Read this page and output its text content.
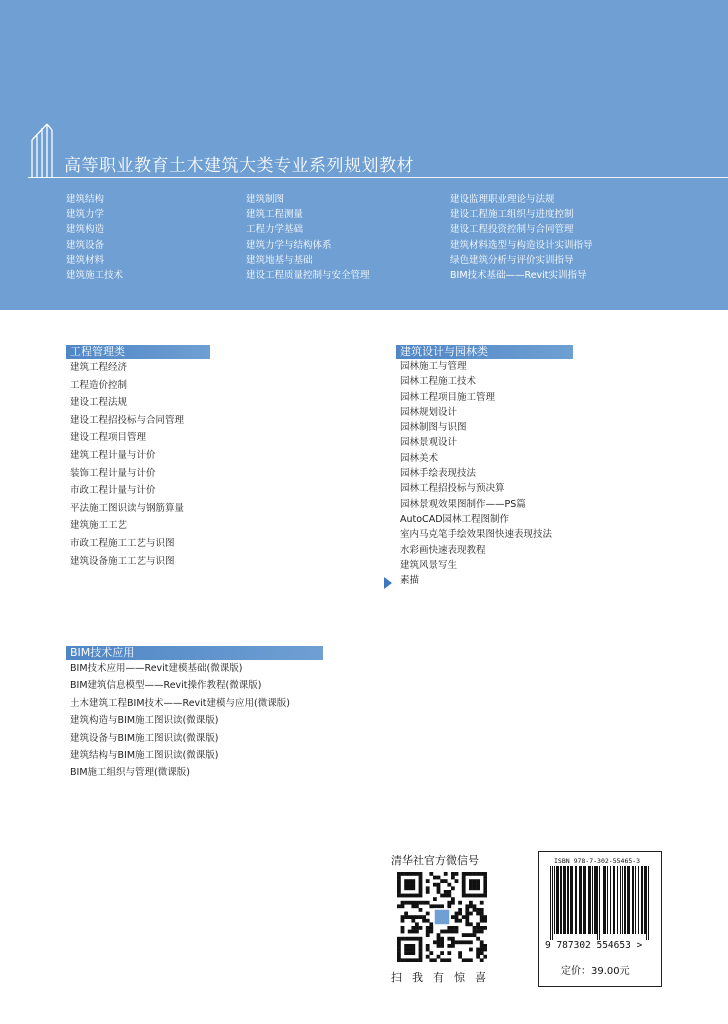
高等职业教育土木建筑大类专业系列规划教材
建筑结构
建筑力学
建筑构造
建筑设备
建筑材料
建筑施工技术
建筑制图
建筑工程测量
工程力学基础
建筑力学与结构体系
建筑地基与基础
建设工程质量控制与安全管理
建设监理职业理论与法规
建设工程施工组织与进度控制
建设工程投资控制与合同管理
建筑材料选型与构造设计实训指导
绿色建筑分析与评价实训指导
BIM技术基础——Revit实训指导
工程管理类
建筑工程经济
工程造价控制
建设工程法规
建设工程招投标与合同管理
建设工程项目管理
建筑工程计量与计价
装饰工程计量与计价
市政工程计量与计价
平法施工图识读与钢筋算量
建筑施工工艺
市政工程施工工艺与识图
建筑设备施工工艺与识图
建筑设计与园林类
园林施工与管理
园林工程施工技术
园林工程项目施工管理
园林规划设计
园林制图与识图
园林景观设计
园林美术
园林手绘表现技法
园林工程招投标与预决算
园林景观效果图制作——PS篇
AutoCAD园林工程图制作
室内马克笔手绘效果图快速表现技法
水彩画快速表现教程
建筑风景写生
素描
BIM技术应用
BIM技术应用——Revit建模基础(微课版)
BIM建筑信息模型——Revit操作教程(微课版)
土木建筑工程BIM技术——Revit建模与应用(微课版)
建筑构造与BIM施工图识读(微课版)
建筑设备与BIM施工图识读(微课版)
建筑结构与BIM施工图识读(微课版)
BIM施工组织与管理(微课版)
清华社官方微信号
扫我有惊喜
ISBN 978-7-302-55465-3
9 787302 554653 >
定价：39.00元
